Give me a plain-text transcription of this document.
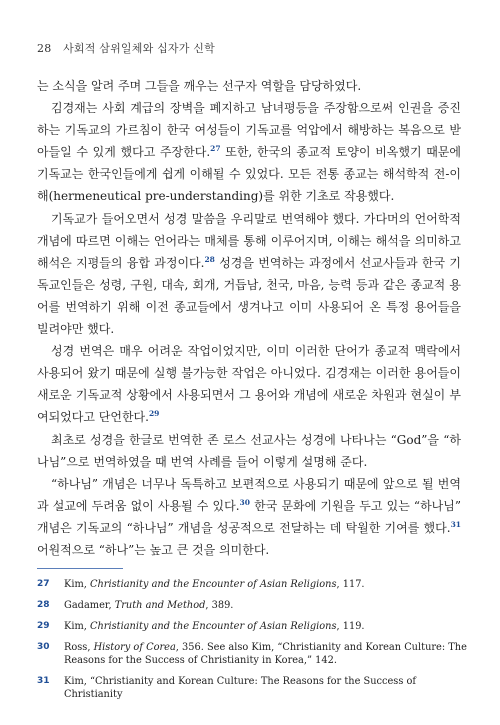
28 사회적 삼위일체와 십자가 신학

는 소식을 알려 주며 그들을 깨우는 선구자 역할을 담당하였다.

김경재는 사회 계급의 장벽을 폐지하고 남녀평등을 주장함으로써 인권을 증진하는 기독교의 가르침이 한국 여성들이 기독교를 억압에서 해방하는 복음으로 받아들일 수 있게 했다고 주장한다.$^{27}$ 또한, 한국의 종교적 토양이 비옥했기 때문에 기독교는 한국인들에게 쉽게 이해될 수 있었다. 모든 전통 종교는 해석학적 전-이해(hermeneutical pre-understanding)를 위한 기초로 작용했다.

기독교가 들어오면서 성경 말씀을 우리말로 번역해야 했다. 가다머의 언어학적 개념에 따르면 이해는 언어라는 매체를 통해 이루어지며, 이해는 해석을 의미하고 해석은 지평들의 융합 과정이다.$^{28}$ 성경을 번역하는 과정에서 선교사들과 한국 기독교인들은 성령, 구원, 대속, 회개, 거듭남, 천국, 마음, 능력 등과 같은 종교적 용어를 번역하기 위해 이전 종교들에서 생겨나고 이미 사용되어 온 특정 용어들을 빌려야만 했다.

성경 번역은 매우 어려운 작업이었지만, 이미 이러한 단어가 종교적 맥락에서 사용되어 왔기 때문에 실행 불가능한 작업은 아니었다. 김경재는 이러한 용어들이 새로운 기독교적 상황에서 사용되면서 그 용어와 개념에 새로운 차원과 현실이 부여되었다고 단언한다.$^{29}$

최초로 성경을 한글로 번역한 존 로스 선교사는 성경에 나타나는 “God”을 “하나님”으로 번역하였을 때 번역 사례를 들어 이렇게 설명해 준다.

“하나님” 개념은 너무나 독특하고 보편적으로 사용되기 때문에 앞으로 될 번역과 설교에 두려움 없이 사용될 수 있다.$^{30}$ 한국 문화에 기원을 두고 있는 “하나님” 개념은 기독교의 “하나님” 개념을 성공적으로 전달하는 데 탁월한 기여를 했다.$^{31}$ 어원적으로 “하나”는 높고 큰 것을 의미한다.

27	Kim, Christianity and the Encounter of Asian Religions, 117.
28	Gadamer, Truth and Method, 389.
29	Kim, Christianity and the Encounter of Asian Religions, 119.
30	Ross, History of Corea, 356. See also Kim, “Christianity and Korean Culture: The Reasons for the Success of Christianity in Korea,” 142.
31	Kim, “Christianity and Korean Culture: The Reasons for the Success of Christianity
